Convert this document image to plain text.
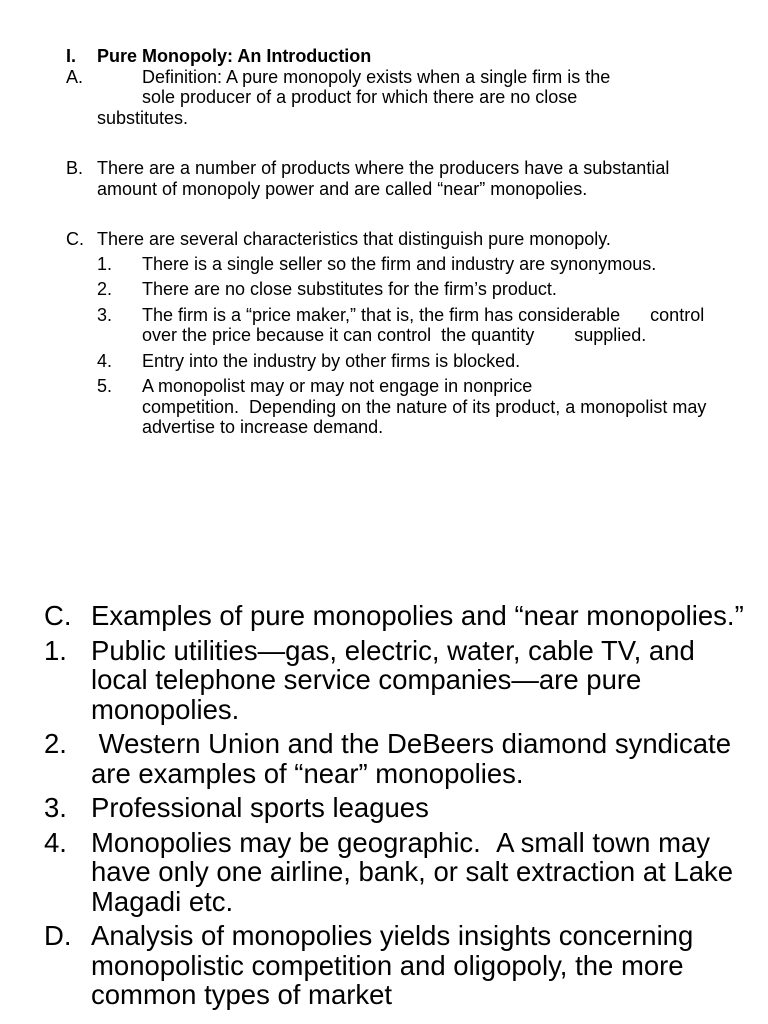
I. Pure Monopoly: An Introduction
A.	Definition: A pure monopoly exists when a single firm is the
sole producer of a product for which there are no close
substitutes.
B. There are a number of products where the producers have a substantial amount of monopoly power and are called “near” monopolies.
C. There are several characteristics that distinguish pure monopoly.
1. There is a single seller so the firm and industry are synonymous.
2. There are no close substitutes for the firm’s product.
3. The firm is a “price maker,” that is, the firm has considerable      control over the price because it can control  the quantity        supplied.
4. Entry into the industry by other firms is blocked.
5. A monopolist may or may not engage in nonprice competition.  Depending on the nature of its product, a monopolist may advertise to increase demand.
C. Examples of pure monopolies and “near monopolies.”
1. Public utilities—gas, electric, water, cable TV, and local telephone service companies—are pure monopolies.
2. Western Union and the DeBeers diamond syndicate are examples of “near” monopolies.
3. Professional sports leagues
4. Monopolies may be geographic.  A small town may have only one airline, bank, or salt extraction at Lake Magadi etc.
D. Analysis of monopolies yields insights concerning monopolistic competition and oligopoly, the more common types of market
